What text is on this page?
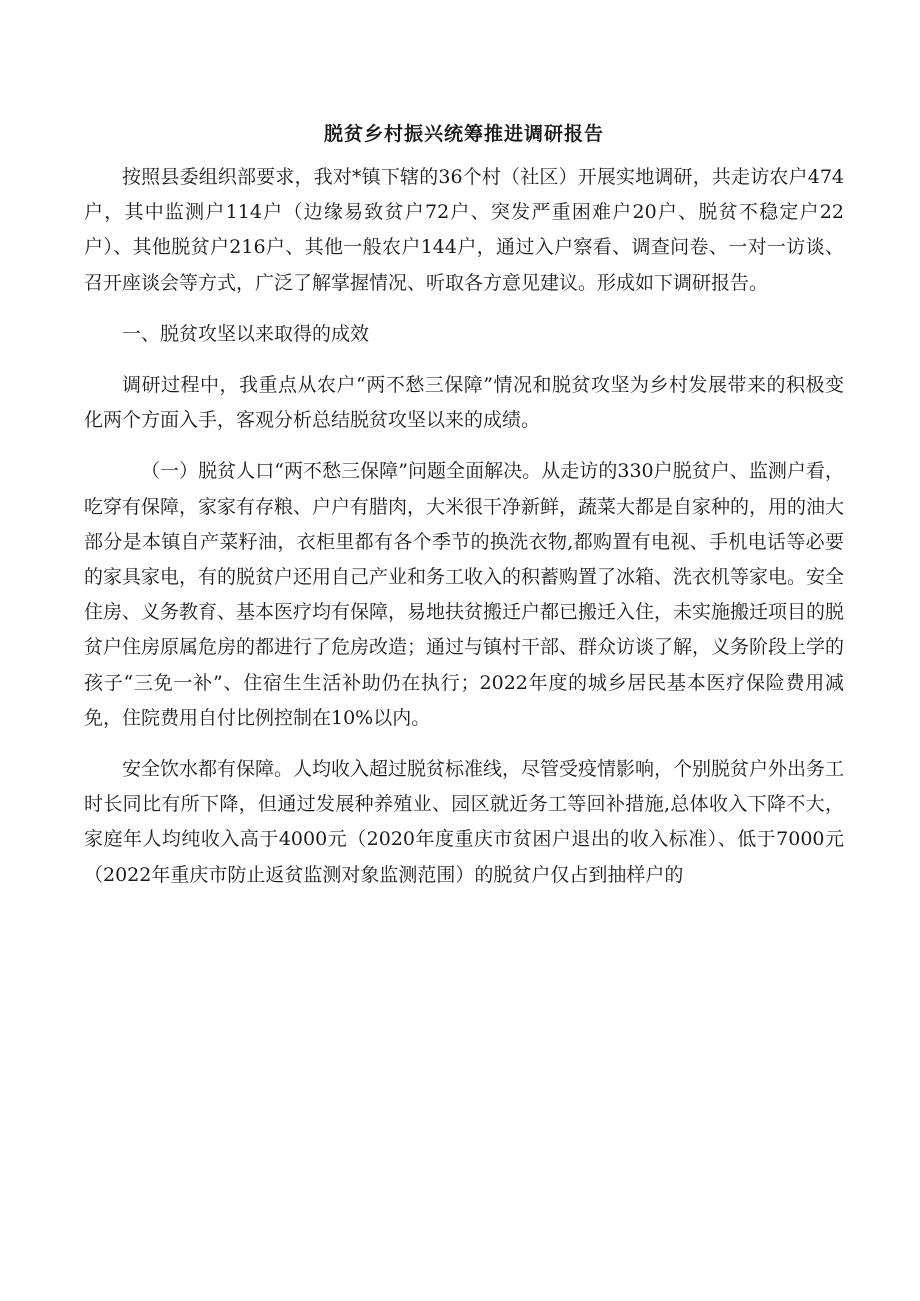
脱贫乡村振兴统筹推进调研报告

按照县委组织部要求，我对*镇下辖的36个村（社区）开展实地调研，共走访农户474户，其中监测户114户（边缘易致贫户72户、突发严重困难户20户、脱贫不稳定户22户）、其他脱贫户216户、其他一般农户144户，通过入户察看、调查问卷、一对一访谈、召开座谈会等方式，广泛了解掌握情况、听取各方意见建议。形成如下调研报告。

一、脱贫攻坚以来取得的成效

调研过程中，我重点从农户“两不愁三保障”情况和脱贫攻坚为乡村发展带来的积极变化两个方面入手，客观分析总结脱贫攻坚以来的成绩。

（一）脱贫人口“两不愁三保障”问题全面解决。从走访的330户脱贫户、监测户看，吃穿有保障，家家有存粮、户户有腊肉，大米很干净新鲜，蔬菜大都是自家种的，用的油大部分是本镇自产菜籽油，衣柜里都有各个季节的换洗衣物,都购置有电视、手机电话等必要的家具家电，有的脱贫户还用自己产业和务工收入的积蓄购置了冰箱、洗衣机等家电。安全住房、义务教育、基本医疗均有保障，易地扶贫搬迁户都已搬迁入住，未实施搬迁项目的脱贫户住房原属危房的都进行了危房改造；通过与镇村干部、群众访谈了解，义务阶段上学的孩子“三免一补”、住宿生生活补助仍在执行；2022年度的城乡居民基本医疗保险费用减免，住院费用自付比例控制在10%以内。

安全饮水都有保障。人均收入超过脱贫标准线，尽管受疫情影响，个别脱贫户外出务工时长同比有所下降，但通过发展种养殖业、园区就近务工等回补措施,总体收入下降不大，家庭年人均纯收入高于4000元（2020年度重庆市贫困户退出的收入标准）、低于7000元（2022年重庆市防止返贫监测对象监测范围）的脱贫户仅占到抽样户的
